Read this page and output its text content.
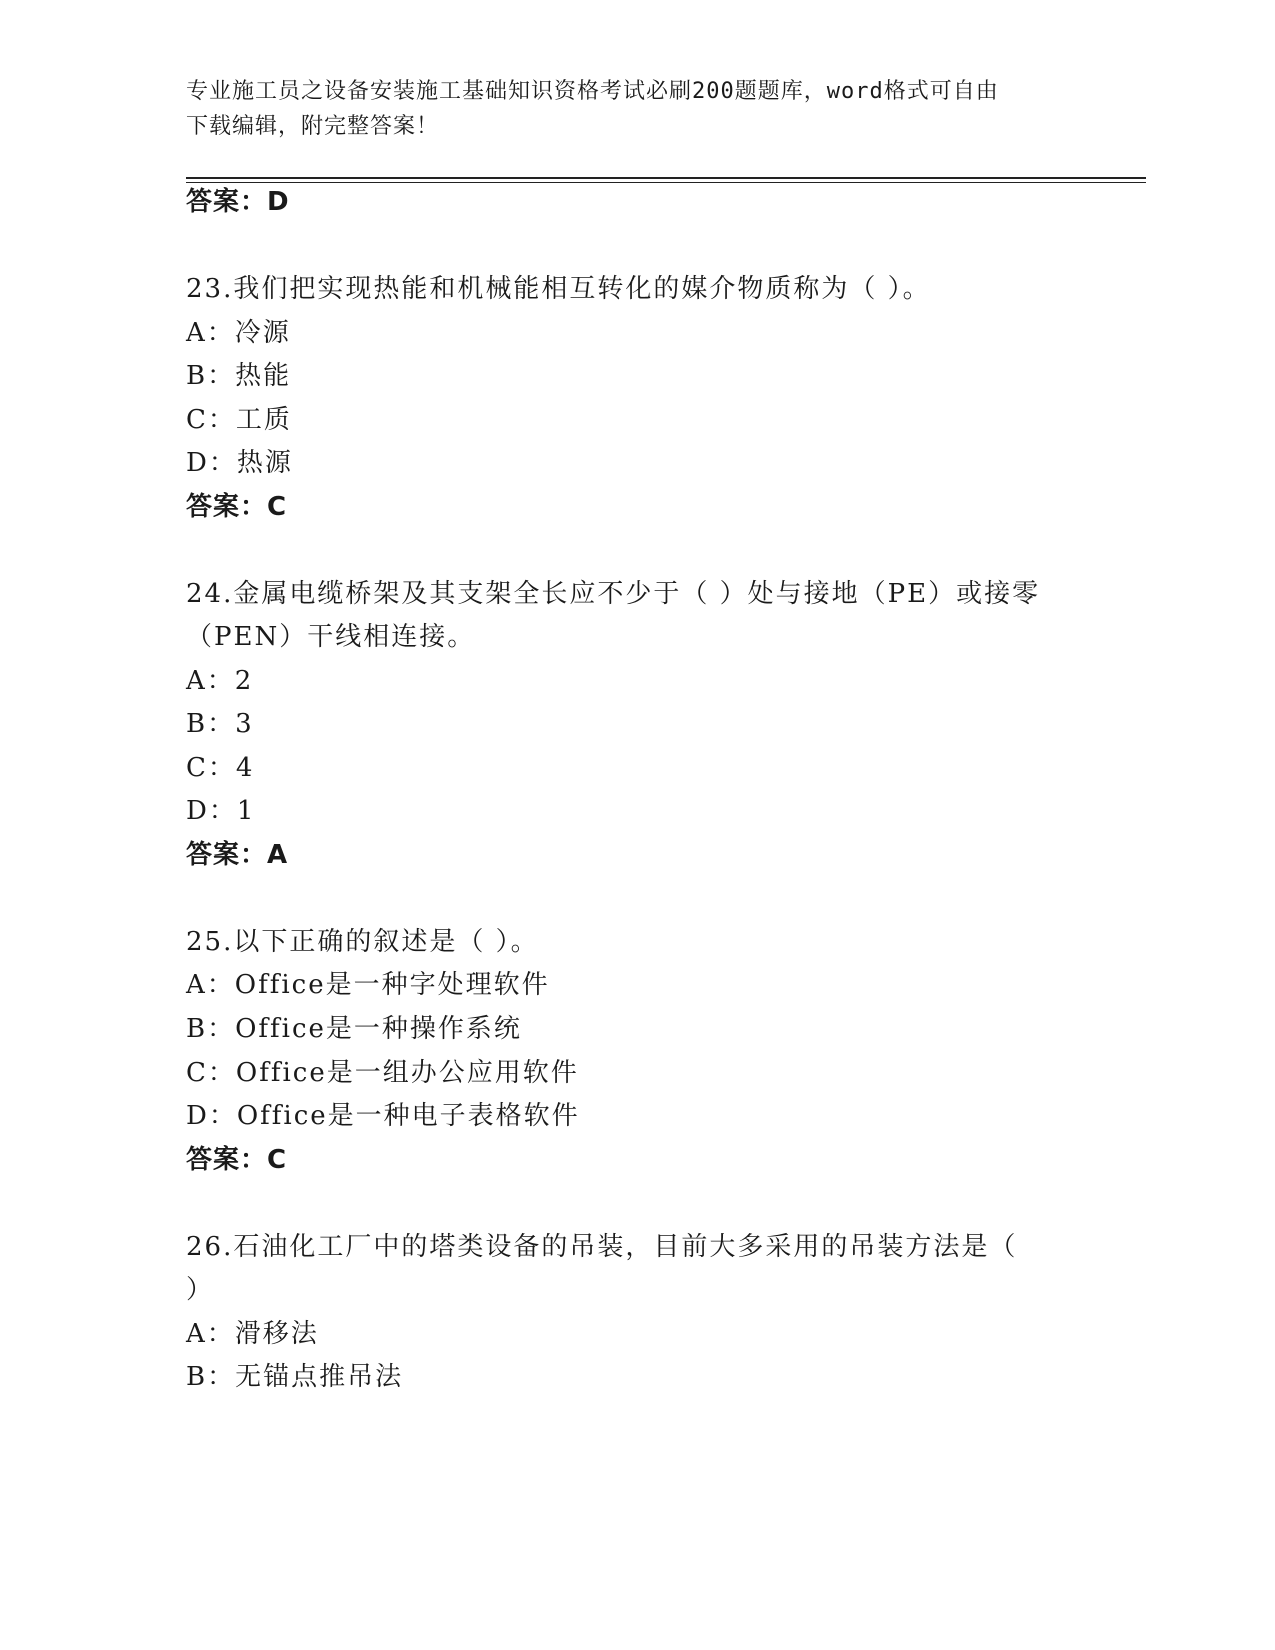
专业施工员之设备安装施工基础知识资格考试必刷200题题库，word格式可自由
下载编辑，附完整答案！
答案：D
23.我们把实现热能和机械能相互转化的媒介物质称为（ ）。
A：冷源
B：热能
C：工质
D：热源
答案：C
24.金属电缆桥架及其支架全长应不少于（ ）处与接地（PE）或接零
（PEN）干线相连接。
A：2
B：3
C：4
D：1
答案：A
25.以下正确的叙述是（ ）。
A：Office是一种字处理软件
B：Office是一种操作系统
C：Office是一组办公应用软件
D：Office是一种电子表格软件
答案：C
26.石油化工厂中的塔类设备的吊装，目前大多采用的吊装方法是（
）
A：滑移法
B：无锚点推吊法
